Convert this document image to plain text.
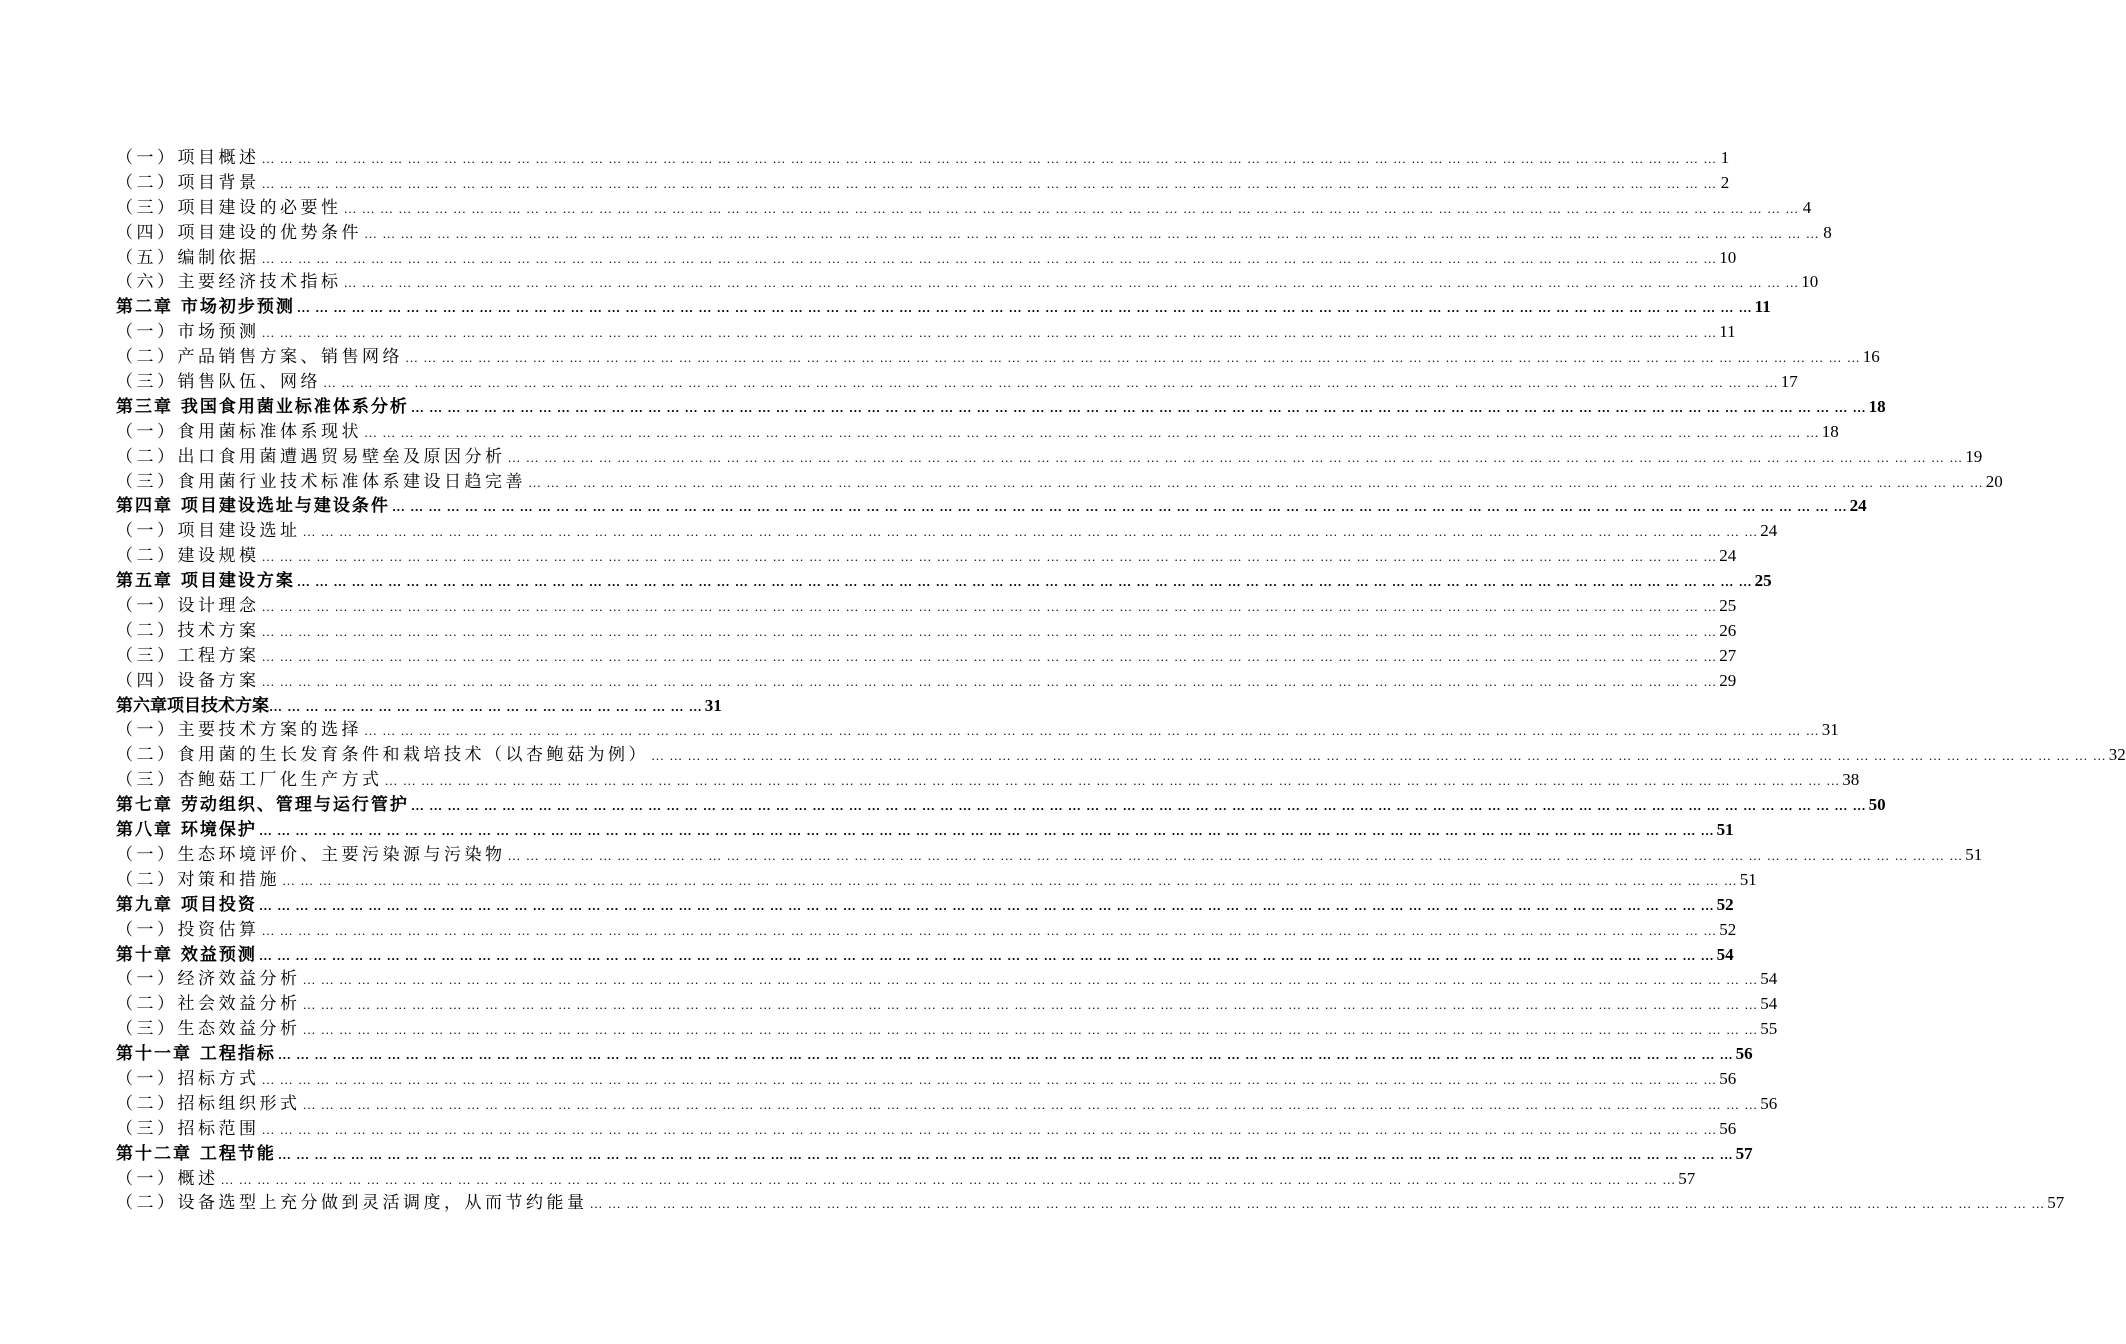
（一）项目概述 … … … … … … … … … … … … … … … … … … … … … … … … … … … … … … … … … … … … … … … … … … … … … … … … … … … … … … … … … … … … … … … … … … … … … … … … … … … … … … … … 1
（二）项目背景 … … … … … … … … … … … … … … … … … … … … … … … … … … … … … … … … … … … … … … … … … … … … … … … … … … … … … … … … … … … … … … … … … … … … … … … … … … … … … … … … 2
（三）项目建设的必要性 … … … … … … … … … … … … … … … … … … … … … … … … … … … … … … … … … … … … … … … … … … … … … … … … … … … … … … … … … … … … … … … … … … … … … … … … … … … … … … … … 4
（四）项目建设的优势条件 … … … … … … … … … … … … … … … … … … … … … … … … … … … … … … … … … … … … … … … … … … … … … … … … … … … … … … … … … … … … … … … … … … … … … … … … … … … … … … … … 8
（五）编制依据 … … … … … … … … … … … … … … … … … … … … … … … … … … … … … … … … … … … … … … … … … … … … … … … … … … … … … … … … … … … … … … … … … … … … … … … … … … … … … … … … 10
（六）主要经济技术指标 … … … … … … … … … … … … … … … … … … … … … … … … … … … … … … … … … … … … … … … … … … … … … … … … … … … … … … … … … … … … … … … … … … … … … … … … … … … … … … … … 10
第二章 市场初步预测 … … … … … … … … … … … … … … … … … … … … … … … … … … … … … … … … … … … … … … … … … … … … … … … … … … … … … … … … … … … … … … … … … … … … … … … … … … … … … … … … 11
（一）市场预测 … … … … … … … … … … … … … … … … … … … … … … … … … … … … … … … … … … … … … … … … … … … … … … … … … … … … … … … … … … … … … … … … … … … … … … … … … … … … … … … … 11
（二）产品销售方案、销售网络 … … … … … … … … … … … … … … … … … … … … … … … … … … … … … … … … … … … … … … … … … … … … … … … … … … … … … … … … … … … … … … … … … … … … … … … … … … … … … … … … 16
（三）销售队伍、网络 … … … … … … … … … … … … … … … … … … … … … … … … … … … … … … … … … … … … … … … … … … … … … … … … … … … … … … … … … … … … … … … … … … … … … … … … … … … … … … … … 17
第三章 我国食用菌业标准体系分析 … … … … … … … … … … … … … … … … … … … … … … … … … … … … … … … … … … … … … … … … … … … … … … … … … … … … … … … … … … … … … … … … … … … … … … … … … … … … … … … … 18
（一）食用菌标准体系现状 … … … … … … … … … … … … … … … … … … … … … … … … … … … … … … … … … … … … … … … … … … … … … … … … … … … … … … … … … … … … … … … … … … … … … … … … … … … … … … … … 18
（二）出口食用菌遭遇贸易壁垒及原因分析 … … … … … … … … … … … … … … … … … … … … … … … … … … … … … … … … … … … … … … … … … … … … … … … … … … … … … … … … … … … … … … … … … … … … … … … … … … … … … … … … 19
（三）食用菌行业技术标准体系建设日趋完善 … … … … … … … … … … … … … … … … … … … … … … … … … … … … … … … … … … … … … … … … … … … … … … … … … … … … … … … … … … … … … … … … … … … … … … … … … … … … … … … … 20
第四章 项目建设选址与建设条件 … … … … … … … … … … … … … … … … … … … … … … … … … … … … … … … … … … … … … … … … … … … … … … … … … … … … … … … … … … … … … … … … … … … … … … … … … … … … … … … … 24
（一）项目建设选址 … … … … … … … … … … … … … … … … … … … … … … … … … … … … … … … … … … … … … … … … … … … … … … … … … … … … … … … … … … … … … … … … … … … … … … … … … … … … … … … … 24
（二）建设规模 … … … … … … … … … … … … … … … … … … … … … … … … … … … … … … … … … … … … … … … … … … … … … … … … … … … … … … … … … … … … … … … … … … … … … … … … … … … … … … … … 24
第五章 项目建设方案 … … … … … … … … … … … … … … … … … … … … … … … … … … … … … … … … … … … … … … … … … … … … … … … … … … … … … … … … … … … … … … … … … … … … … … … … … … … … … … … … 25
（一）设计理念 … … … … … … … … … … … … … … … … … … … … … … … … … … … … … … … … … … … … … … … … … … … … … … … … … … … … … … … … … … … … … … … … … … … … … … … … … … … … … … … … 25
（二）技术方案 … … … … … … … … … … … … … … … … … … … … … … … … … … … … … … … … … … … … … … … … … … … … … … … … … … … … … … … … … … … … … … … … … … … … … … … … … … … … … … … … 26
（三）工程方案 … … … … … … … … … … … … … … … … … … … … … … … … … … … … … … … … … … … … … … … … … … … … … … … … … … … … … … … … … … … … … … … … … … … … … … … … … … … … … … … … 27
（四）设备方案 … … … … … … … … … … … … … … … … … … … … … … … … … … … … … … … … … … … … … … … … … … … … … … … … … … … … … … … … … … … … … … … … … … … … … … … … … … … … … … … … 29
第六章项目技术方案 … … … … … … … … … … … … … … … … … … … … … … … … 31
（一）主要技术方案的选择 … … … … … … … … … … … … … … … … … … … … … … … … … … … … … … … … … … … … … … … … … … … … … … … … … … … … … … … … … … … … … … … … … … … … … … … … … … … … … … … … 31
（二）食用菌的生长发育条件和栽培技术（以杏鲍菇为例） … … … … … … … … … … … … … … … … … … … … … … … … … … … … … … … … … … … … … … … … … … … … … … … … … … … … … … … … … … … … … … … … … … … … … … … … … … … … … … … … 32
（三）杏鲍菇工厂化生产方式 … … … … … … … … … … … … … … … … … … … … … … … … … … … … … … … … … … … … … … … … … … … … … … … … … … … … … … … … … … … … … … … … … … … … … … … … … … … … … … … … 38
第七章 劳动组织、管理与运行管护 … … … … … … … … … … … … … … … … … … … … … … … … … … … … … … … … … … … … … … … … … … … … … … … … … … … … … … … … … … … … … … … … … … … … … … … … … … … … … … … … 50
第八章 环境保护 … … … … … … … … … … … … … … … … … … … … … … … … … … … … … … … … … … … … … … … … … … … … … … … … … … … … … … … … … … … … … … … … … … … … … … … … … … … … … … … … 51
（一）生态环境评价、主要污染源与污染物 … … … … … … … … … … … … … … … … … … … … … … … … … … … … … … … … … … … … … … … … … … … … … … … … … … … … … … … … … … … … … … … … … … … … … … … … … … … … … … … … 51
（二）对策和措施 … … … … … … … … … … … … … … … … … … … … … … … … … … … … … … … … … … … … … … … … … … … … … … … … … … … … … … … … … … … … … … … … … … … … … … … … … … … … … … … … 51
第九章 项目投资 … … … … … … … … … … … … … … … … … … … … … … … … … … … … … … … … … … … … … … … … … … … … … … … … … … … … … … … … … … … … … … … … … … … … … … … … … … … … … … … … 52
（一）投资估算 … … … … … … … … … … … … … … … … … … … … … … … … … … … … … … … … … … … … … … … … … … … … … … … … … … … … … … … … … … … … … … … … … … … … … … … … … … … … … … … … 52
第十章 效益预测 … … … … … … … … … … … … … … … … … … … … … … … … … … … … … … … … … … … … … … … … … … … … … … … … … … … … … … … … … … … … … … … … … … … … … … … … … … … … … … … … 54
（一）经济效益分析 … … … … … … … … … … … … … … … … … … … … … … … … … … … … … … … … … … … … … … … … … … … … … … … … … … … … … … … … … … … … … … … … … … … … … … … … … … … … … … … … 54
（二）社会效益分析 … … … … … … … … … … … … … … … … … … … … … … … … … … … … … … … … … … … … … … … … … … … … … … … … … … … … … … … … … … … … … … … … … … … … … … … … … … … … … … … … 54
（三）生态效益分析 … … … … … … … … … … … … … … … … … … … … … … … … … … … … … … … … … … … … … … … … … … … … … … … … … … … … … … … … … … … … … … … … … … … … … … … … … … … … … … … … 55
第十一章 工程指标 … … … … … … … … … … … … … … … … … … … … … … … … … … … … … … … … … … … … … … … … … … … … … … … … … … … … … … … … … … … … … … … … … … … … … … … … … … … … … … … … 56
（一）招标方式 … … … … … … … … … … … … … … … … … … … … … … … … … … … … … … … … … … … … … … … … … … … … … … … … … … … … … … … … … … … … … … … … … … … … … … … … … … … … … … … … 56
（二）招标组织形式 … … … … … … … … … … … … … … … … … … … … … … … … … … … … … … … … … … … … … … … … … … … … … … … … … … … … … … … … … … … … … … … … … … … … … … … … … … … … … … … … 56
（三）招标范围 … … … … … … … … … … … … … … … … … … … … … … … … … … … … … … … … … … … … … … … … … … … … … … … … … … … … … … … … … … … … … … … … … … … … … … … … … … … … … … … … 56
第十二章 工程节能 … … … … … … … … … … … … … … … … … … … … … … … … … … … … … … … … … … … … … … … … … … … … … … … … … … … … … … … … … … … … … … … … … … … … … … … … … … … … … … … … 57
（一）概述 … … … … … … … … … … … … … … … … … … … … … … … … … … … … … … … … … … … … … … … … … … … … … … … … … … … … … … … … … … … … … … … … … … … … … … … … … … … … … … … … 57
（二）设备选型上充分做到灵活调度，从而节约能量 … … … … … … … … … … … … … … … … … … … … … … … … … … … … … … … … … … … … … … … … … … … … … … … … … … … … … … … … … … … … … … … … … … … … … … … … … … … … … … … … 57
